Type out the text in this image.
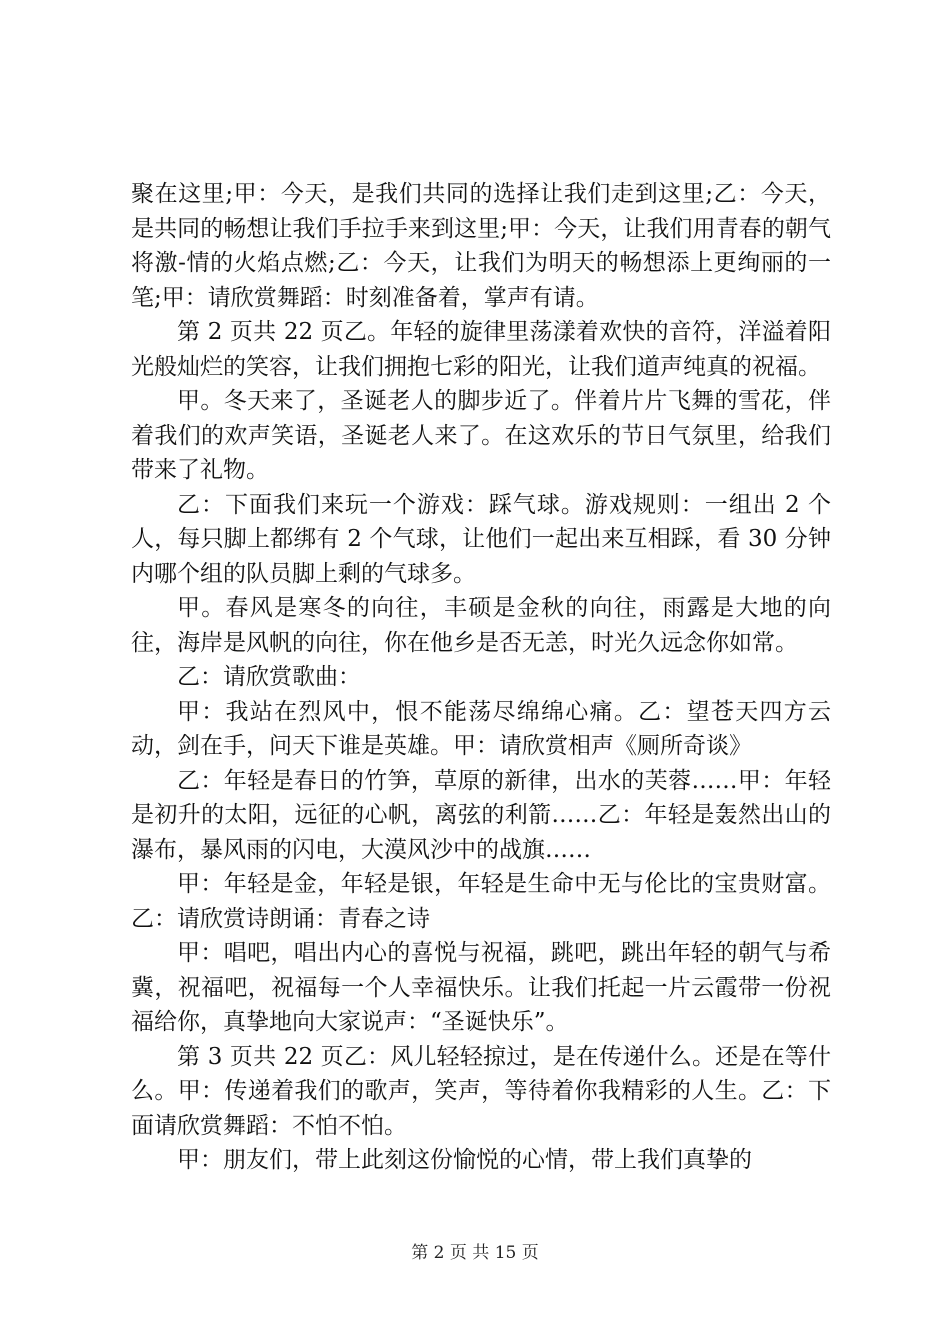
聚在这里;甲：今天，是我们共同的选择让我们走到这里;乙：今天，是共同的畅想让我们手拉手来到这里;甲：今天，让我们用青春的朝气将激-情的火焰点燃;乙：今天，让我们为明天的畅想添上更绚丽的一笔;甲：请欣赏舞蹈：时刻准备着，掌声有请。

第 2 页共 22 页乙。年轻的旋律里荡漾着欢快的音符，洋溢着阳光般灿烂的笑容，让我们拥抱七彩的阳光，让我们道声纯真的祝福。

甲。冬天来了，圣诞老人的脚步近了。伴着片片飞舞的雪花，伴着我们的欢声笑语，圣诞老人来了。在这欢乐的节日气氛里，给我们带来了礼物。

乙：下面我们来玩一个游戏：踩气球。游戏规则：一组出 2 个人，每只脚上都绑有 2 个气球，让他们一起出来互相踩，看 30 分钟内哪个组的队员脚上剩的气球多。

甲。春风是寒冬的向往，丰硕是金秋的向往，雨露是大地的向往，海岸是风帆的向往，你在他乡是否无恙，时光久远念你如常。

乙：请欣赏歌曲：

甲：我站在烈风中，恨不能荡尽绵绵心痛。乙：望苍天四方云动，剑在手，问天下谁是英雄。甲：请欣赏相声《厕所奇谈》

乙：年轻是春日的竹笋，草原的新律，出水的芙蓉……甲：年轻是初升的太阳，远征的心帆，离弦的利箭……乙：年轻是轰然出山的瀑布，暴风雨的闪电，大漠风沙中的战旗……

甲：年轻是金，年轻是银，年轻是生命中无与伦比的宝贵财富。乙：请欣赏诗朗诵：青春之诗

甲：唱吧，唱出内心的喜悦与祝福，跳吧，跳出年轻的朝气与希冀，祝福吧，祝福每一个人幸福快乐。让我们托起一片云霞带一份祝福给你，真挚地向大家说声：“圣诞快乐”。

第 3 页共 22 页乙：风儿轻轻掠过，是在传递什么。还是在等什么。甲：传递着我们的歌声，笑声，等待着你我精彩的人生。乙：下面请欣赏舞蹈：不怕不怕。

甲：朋友们，带上此刻这份愉悦的心情，带上我们真挚的

第 2 页 共 15 页
